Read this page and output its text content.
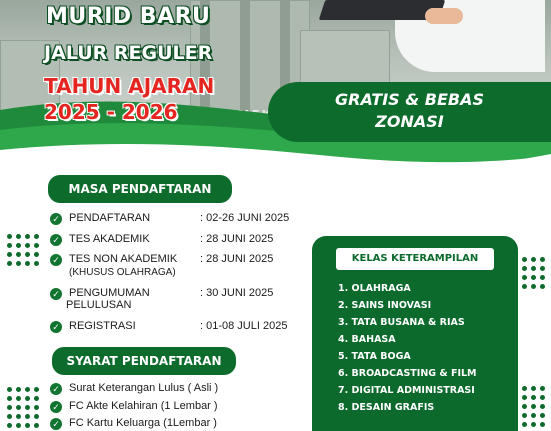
MURID BARU
JALUR REGULER
TAHUN AJARAN
2025 - 2026
GRATIS & BEBAS
ZONASI
MASA PENDAFTARAN
✓ PENDAFTARAN	: 02-26 JUNI 2025
✓ TES AKADEMIK	: 28 JUNI 2025
✓ TES NON AKADEMIK
(KHUSUS OLAHRAGA)
: 28 JUNI 2025
✓ PENGUMUMAN
PELULUSAN
: 30 JUNI 2025
✓ REGISTRASI	: 01-08 JULI 2025
SYARAT PENDAFTARAN
✓ Surat Keterangan Lulus ( Asli )
✓ FC Akte Kelahiran (1 Lembar )
✓ FC Kartu Keluarga (1Lembar )
KELAS KETERAMPILAN
1. OLAHRAGA
2. SAINS INOVASI
3. TATA BUSANA & RIAS
4. BAHASA
5. TATA BOGA
6. BROADCASTING & FILM
7. DIGITAL ADMINISTRASI
8. DESAIN GRAFIS
